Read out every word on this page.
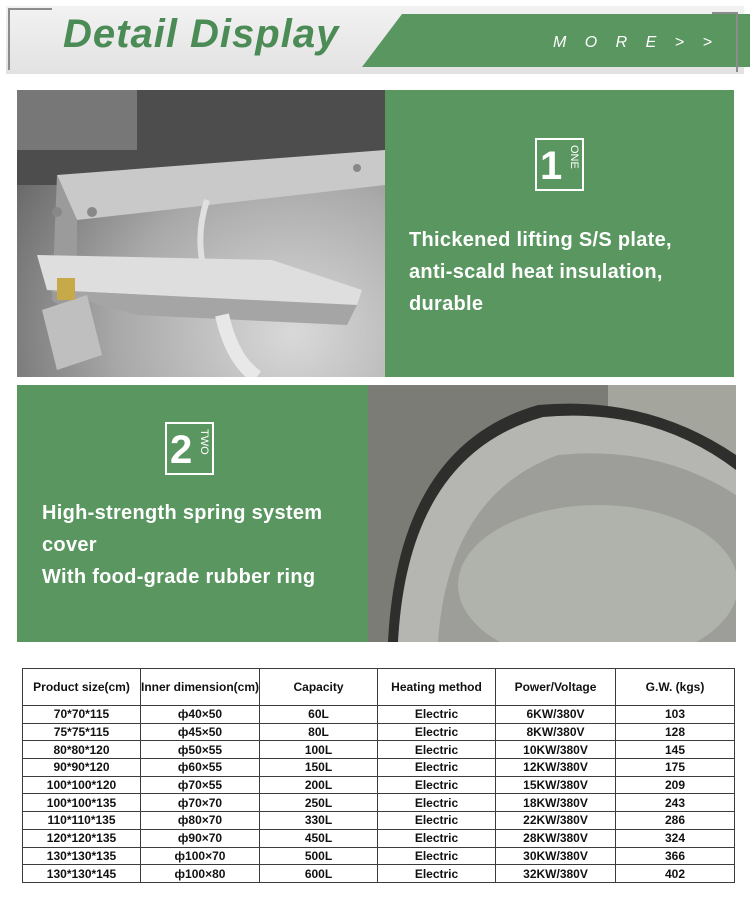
Detail Display	M O R E > >
1 ONE
Thickened lifting S/S plate,
anti-scald heat insulation,
durable
2 TWO
High-strength spring system
cover
With food-grade rubber ring
Product size(cm)	Inner dimension(cm)	Capacity	Heating method	Power/Voltage	G.W. (kgs)
70*70*115	ф40×50	60L	Electric	6KW/380V	103
75*75*115	ф45×50	80L	Electric	8KW/380V	128
80*80*120	ф50×55	100L	Electric	10KW/380V	145
90*90*120	ф60×55	150L	Electric	12KW/380V	175
100*100*120	ф70×55	200L	Electric	15KW/380V	209
100*100*135	ф70×70	250L	Electric	18KW/380V	243
110*110*135	ф80×70	330L	Electric	22KW/380V	286
120*120*135	ф90×70	450L	Electric	28KW/380V	324
130*130*135	ф100×70	500L	Electric	30KW/380V	366
130*130*145	ф100×80	600L	Electric	32KW/380V	402
